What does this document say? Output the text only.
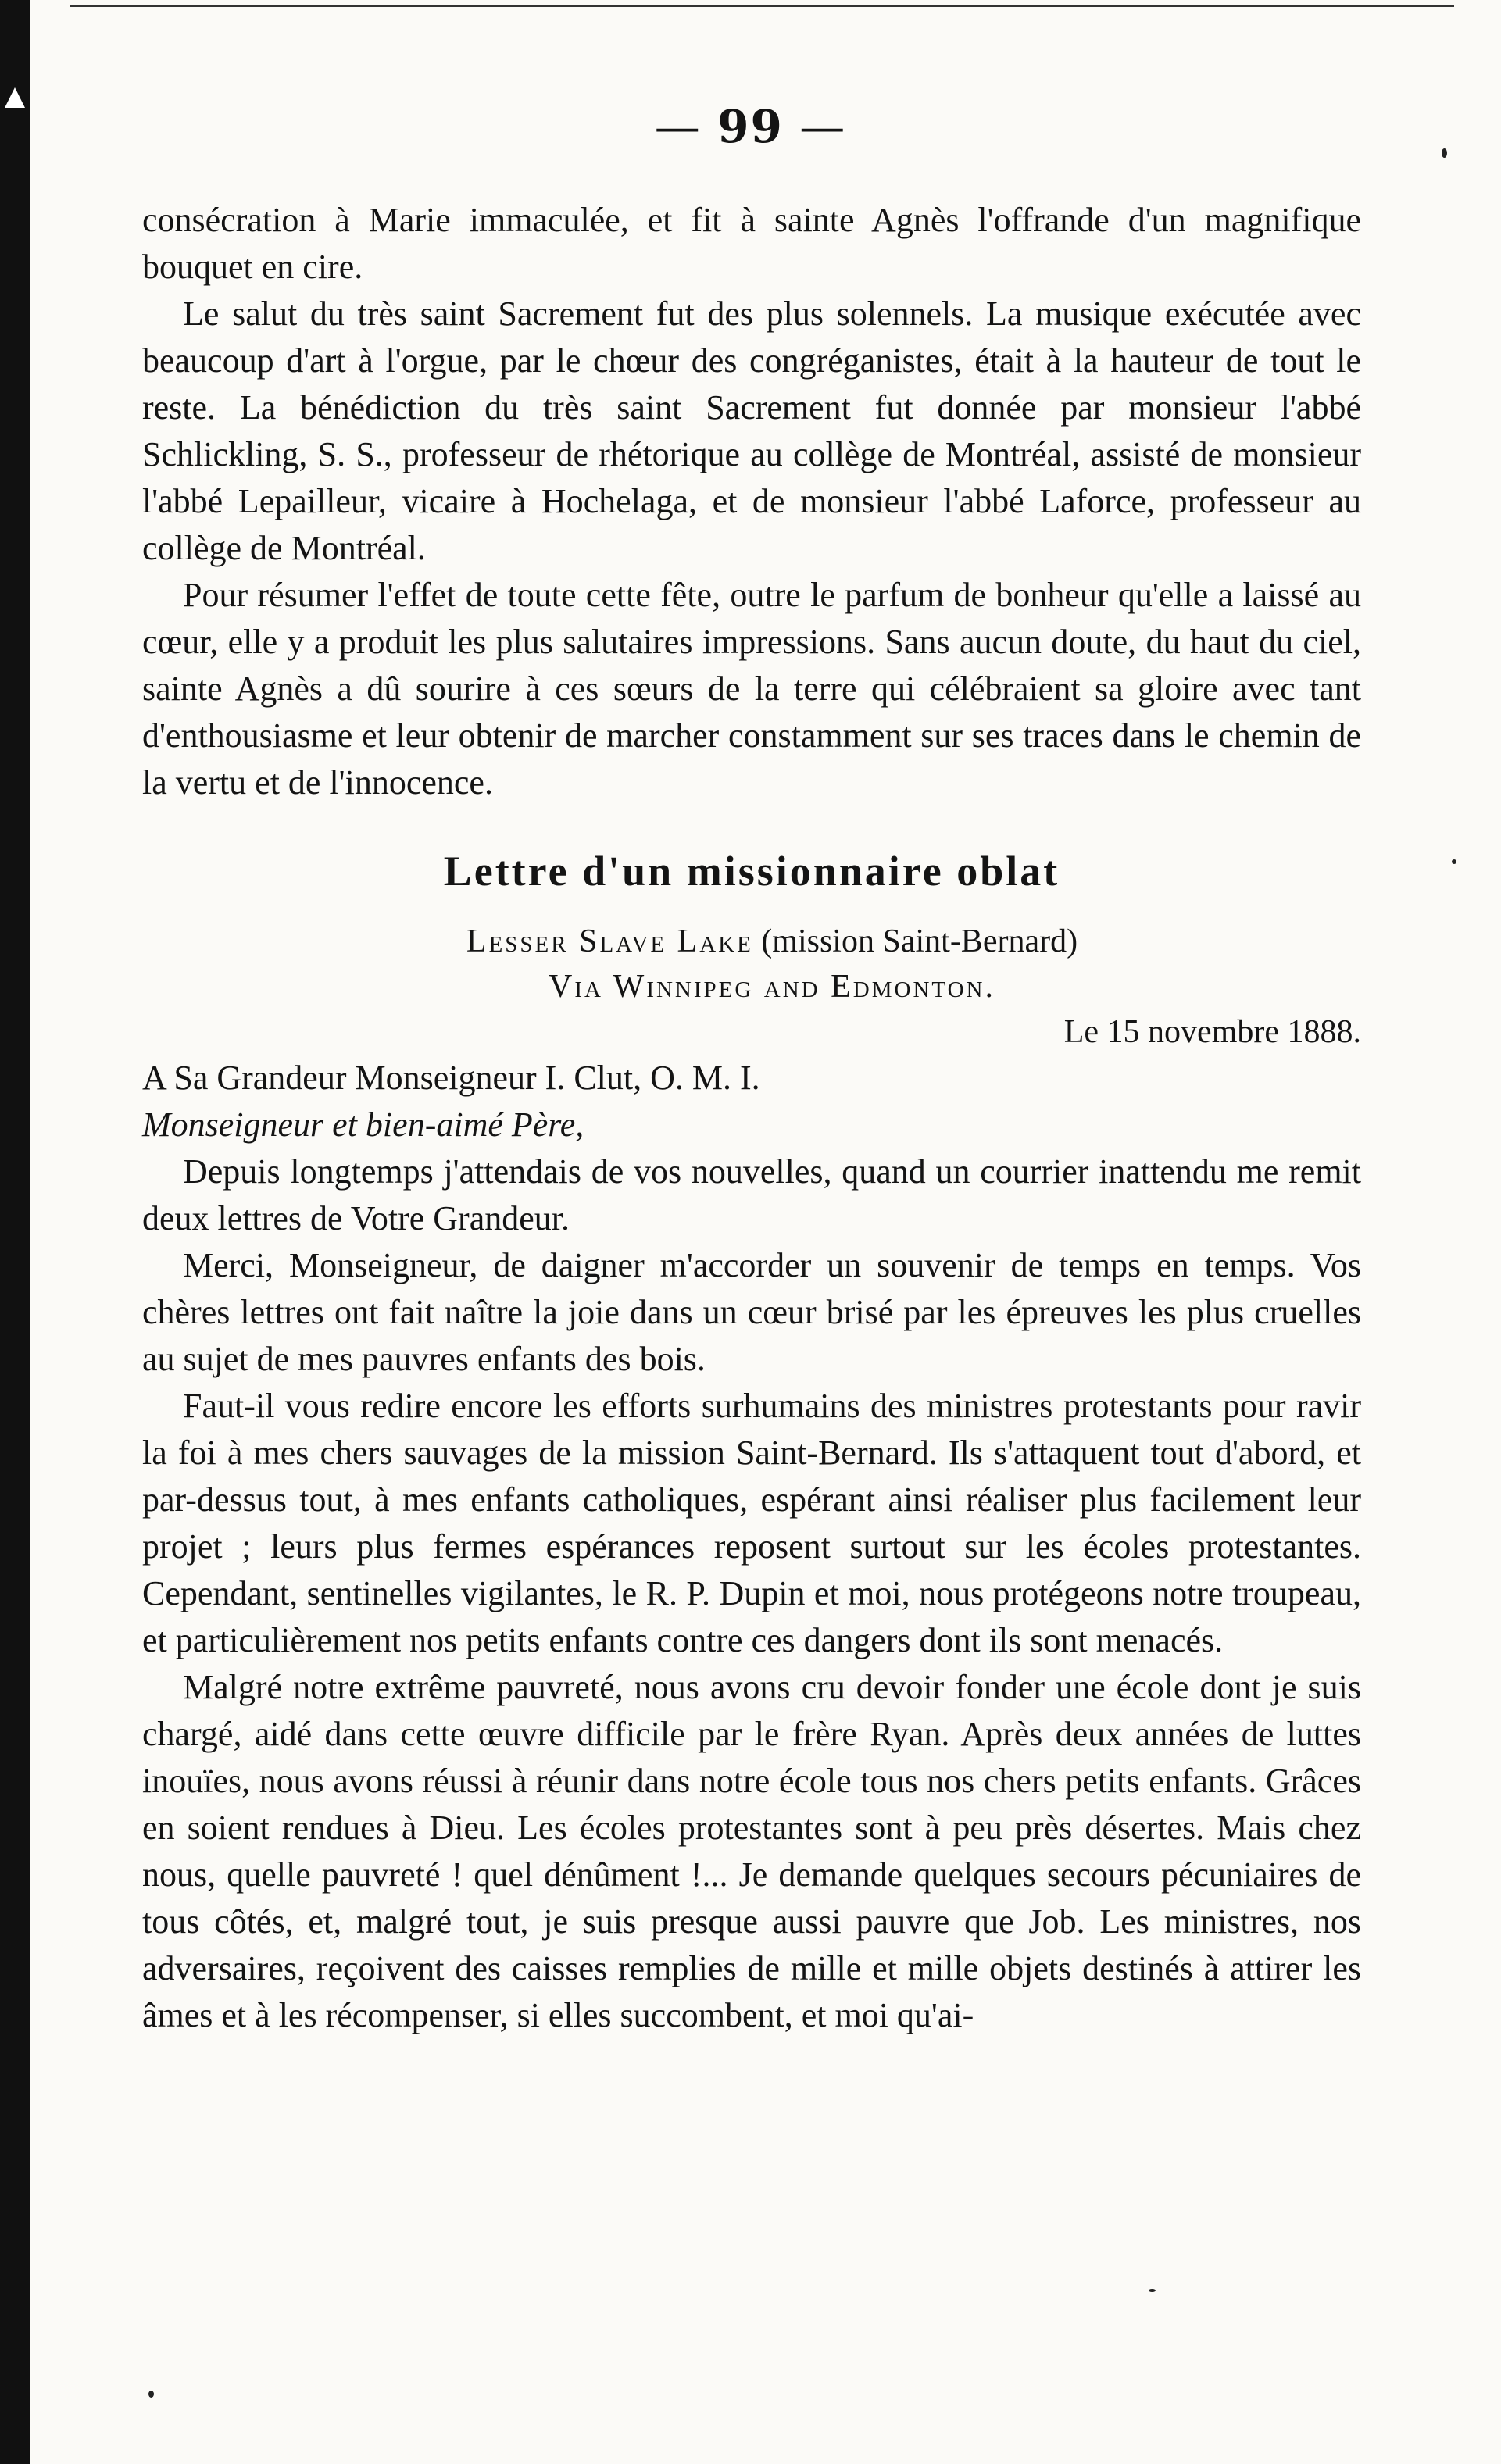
— 99 —

consécration à Marie immaculée, et fit à sainte Agnès l'offrande d'un magnifique bouquet en cire.

Le salut du très saint Sacrement fut des plus solennels. La musique exécutée avec beaucoup d'art à l'orgue, par le chœur des congréganistes, était à la hauteur de tout le reste. La bénédiction du très saint Sacrement fut donnée par monsieur l'abbé Schlickling, S. S., professeur de rhétorique au collège de Montréal, assisté de monsieur l'abbé Lepailleur, vicaire à Hochelaga, et de monsieur l'abbé Laforce, professeur au collège de Montréal.

Pour résumer l'effet de toute cette fête, outre le parfum de bonheur qu'elle a laissé au cœur, elle y a produit les plus salutaires impressions. Sans aucun doute, du haut du ciel, sainte Agnès a dû sourire à ces sœurs de la terre qui célébraient sa gloire avec tant d'enthousiasme et leur obtenir de marcher constamment sur ses traces dans le chemin de la vertu et de l'innocence.

Lettre d'un missionnaire oblat

Lesser Slave Lake (mission Saint-Bernard)

Via Winnipeg and Edmonton.

Le 15 novembre 1888.

A Sa Grandeur Monseigneur I. Clut, O. M. I.

Monseigneur et bien-aimé Père,

Depuis longtemps j'attendais de vos nouvelles, quand un courrier inattendu me remit deux lettres de Votre Grandeur.

Merci, Monseigneur, de daigner m'accorder un souvenir de temps en temps. Vos chères lettres ont fait naître la joie dans un cœur brisé par les épreuves les plus cruelles au sujet de mes pauvres enfants des bois.

Faut-il vous redire encore les efforts surhumains des ministres protestants pour ravir la foi à mes chers sauvages de la mission Saint-Bernard. Ils s'attaquent tout d'abord, et par-dessus tout, à mes enfants catholiques, espérant ainsi réaliser plus facilement leur projet ; leurs plus fermes espérances reposent surtout sur les écoles protestantes. Cependant, sentinelles vigilantes, le R. P. Dupin et moi, nous protégeons notre troupeau, et particulièrement nos petits enfants contre ces dangers dont ils sont menacés.

Malgré notre extrême pauvreté, nous avons cru devoir fonder une école dont je suis chargé, aidé dans cette œuvre difficile par le frère Ryan. Après deux années de luttes inouïes, nous avons réussi à réunir dans notre école tous nos chers petits enfants. Grâces en soient rendues à Dieu. Les écoles protestantes sont à peu près désertes. Mais chez nous, quelle pauvreté ! quel dénûment !... Je demande quelques secours pécuniaires de tous côtés, et, malgré tout, je suis presque aussi pauvre que Job. Les ministres, nos adversaires, reçoivent des caisses remplies de mille et mille objets destinés à attirer les âmes et à les récompenser, si elles succombent, et moi qu'ai-
